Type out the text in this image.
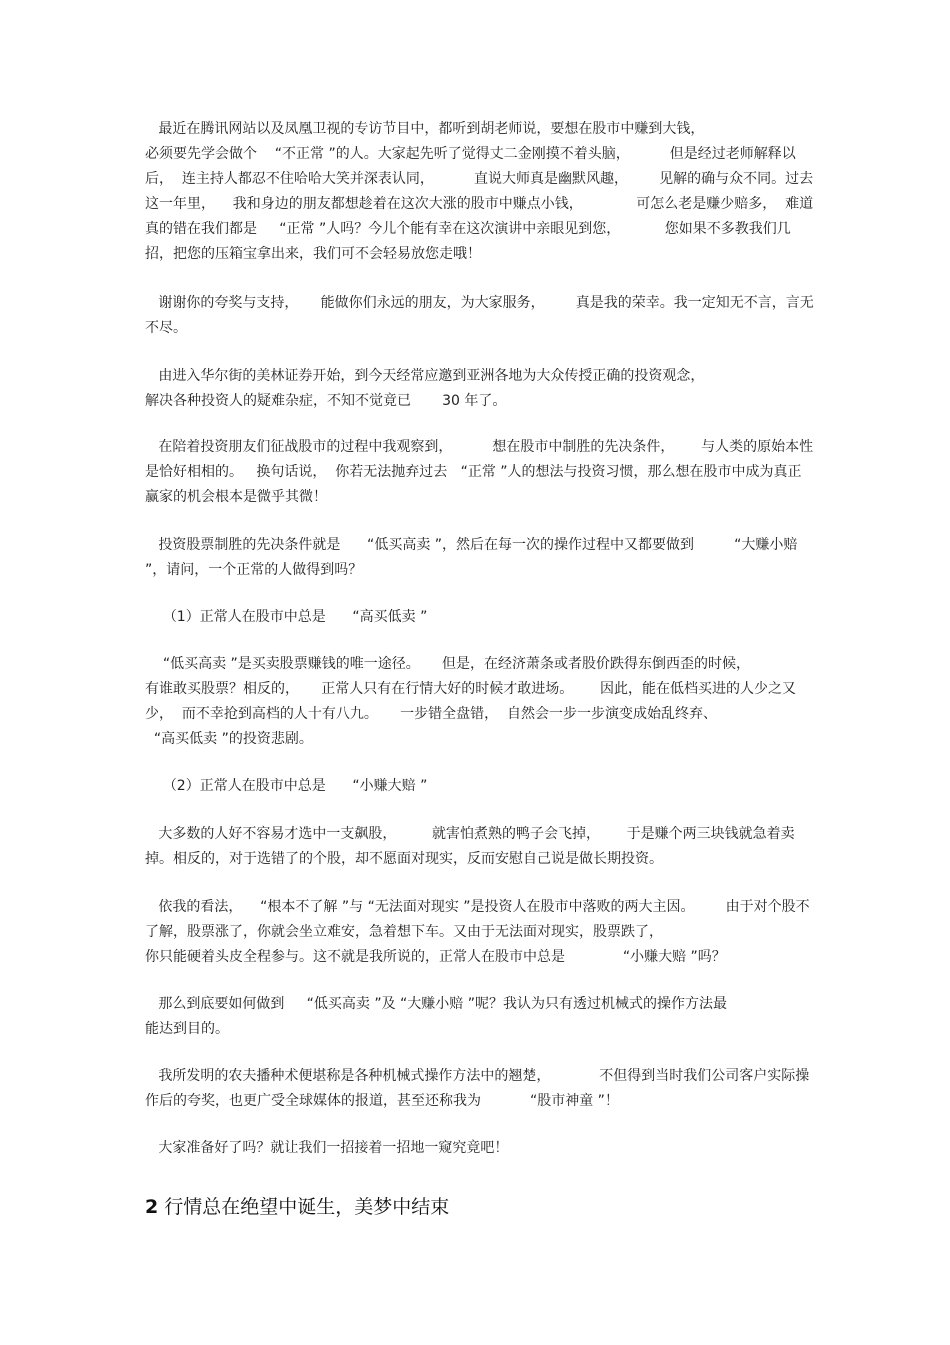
最近在腾讯网站以及凤凰卫视的专访节目中，都听到胡老师说，要想在股市中赚到大钱，
必须要先学会做个    “不正常 ”的人。大家起先听了觉得丈二金刚摸不着头脑，         但是经过老师解释以后，  连主持人都忍不住哈哈大笑并深表认同，         直说大师真是幽默风趣，       见解的确与众不同。过去这一年里，    我和身边的朋友都想趁着在这次大涨的股市中赚点小钱，            可怎么老是赚少赔多，  难道真的错在我们都是     “正常 ”人吗？今儿个能有幸在这次演讲中亲眼见到您，          您如果不多教我们几招，把您的压箱宝拿出来，我们可不会轻易放您走哦！

谢谢你的夸奖与支持，     能做你们永远的朋友，为大家服务，       真是我的荣幸。我一定知无不言，言无不尽。

由进入华尔街的美林证券开始，到今天经常应邀到亚洲各地为大众传授正确的投资观念，
解决各种投资人的疑难杂症，不知不觉竟已       30 年了。

在陪着投资朋友们征战股市的过程中我观察到，         想在股市中制胜的先决条件，      与人类的原始本性是恰好相相的。   换句话说，  你若无法抛弃过去   “正常 ”人的想法与投资习惯，那么想在股市中成为真正赢家的机会根本是微乎其微！

投资股票制胜的先决条件就是      “低买高卖 ”，然后在每一次的操作过程中又都要做到         “大赚小赔 ”，请问，一个正常的人做得到吗？

（1）正常人在股市中总是      “高买低卖 ”

“低买高卖 ”是买卖股票赚钱的唯一途径。     但是，在经济萧条或者股价跌得东倒西歪的时候，
有谁敢买股票？相反的，     正常人只有在行情大好的时候才敢进场。      因此，能在低档买进的人少之又少，  而不幸抢到高档的人十有八九。     一步错全盘错，  自然会一步一步演变成始乱终弃、
“高买低卖 ”的投资悲剧。

（2）正常人在股市中总是      “小赚大赔 ”

大多数的人好不容易才选中一支飙股，        就害怕煮熟的鸭子会飞掉，      于是赚个两三块钱就急着卖掉。相反的，对于选错了的个股，却不愿面对现实，反而安慰自己说是做长期投资。

依我的看法，    “根本不了解 ”与 “无法面对现实 ”是投资人在股市中落败的两大主因。       由于对个股不了解，股票涨了，你就会坐立难安，急着想下车。又由于无法面对现实，股票跌了，
你只能硬着头皮全程参与。这不就是我所说的，正常人在股市中总是             “小赚大赔 ”吗？

那么到底要如何做到     “低买高卖 ”及 “大赚小赔 ”呢？我认为只有透过机械式的操作方法最
能达到目的。

我所发明的农夫播种术便堪称是各种机械式操作方法中的翘楚，           不但得到当时我们公司客户实际操作后的夸奖，也更广受全球媒体的报道，甚至还称我为           “股市神童 ”！

大家准备好了吗？就让我们一招接着一招地一窥究竟吧！

2 行情总在绝望中诞生，美梦中结束
